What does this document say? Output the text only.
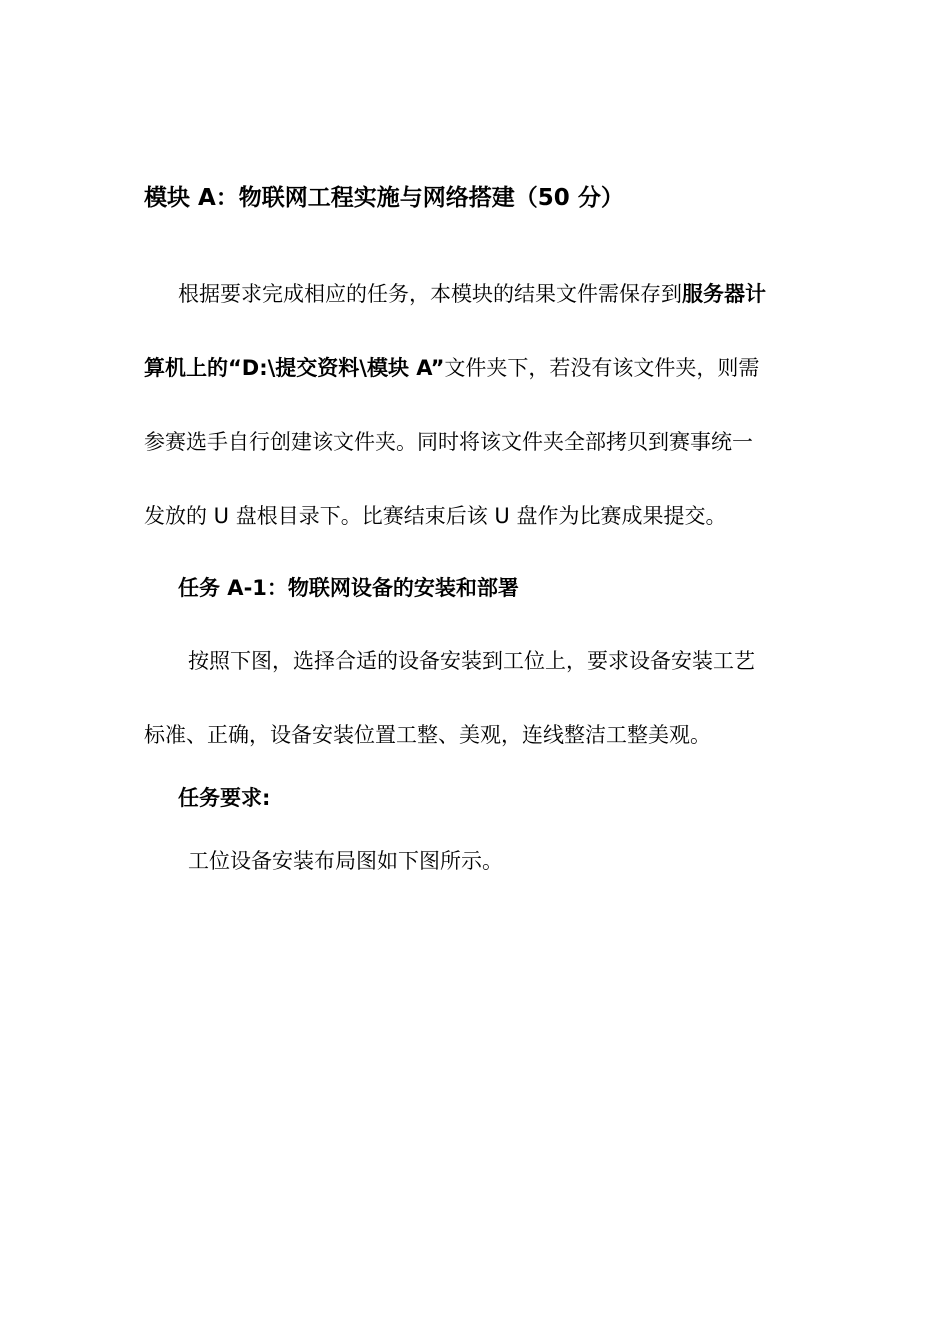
模块 A：物联网工程实施与网络搭建（50 分）
根据要求完成相应的任务，本模块的结果文件需保存到服务器计
算机上的“D:\提交资料\模块 A”文件夹下，若没有该文件夹，则需
参赛选手自行创建该文件夹。同时将该文件夹全部拷贝到赛事统一
发放的 U 盘根目录下。比赛结束后该 U 盘作为比赛成果提交。
任务 A-1：物联网设备的安装和部署
按照下图，选择合适的设备安装到工位上，要求设备安装工艺
标准、正确，设备安装位置工整、美观，连线整洁工整美观。
任务要求:
工位设备安装布局图如下图所示。
